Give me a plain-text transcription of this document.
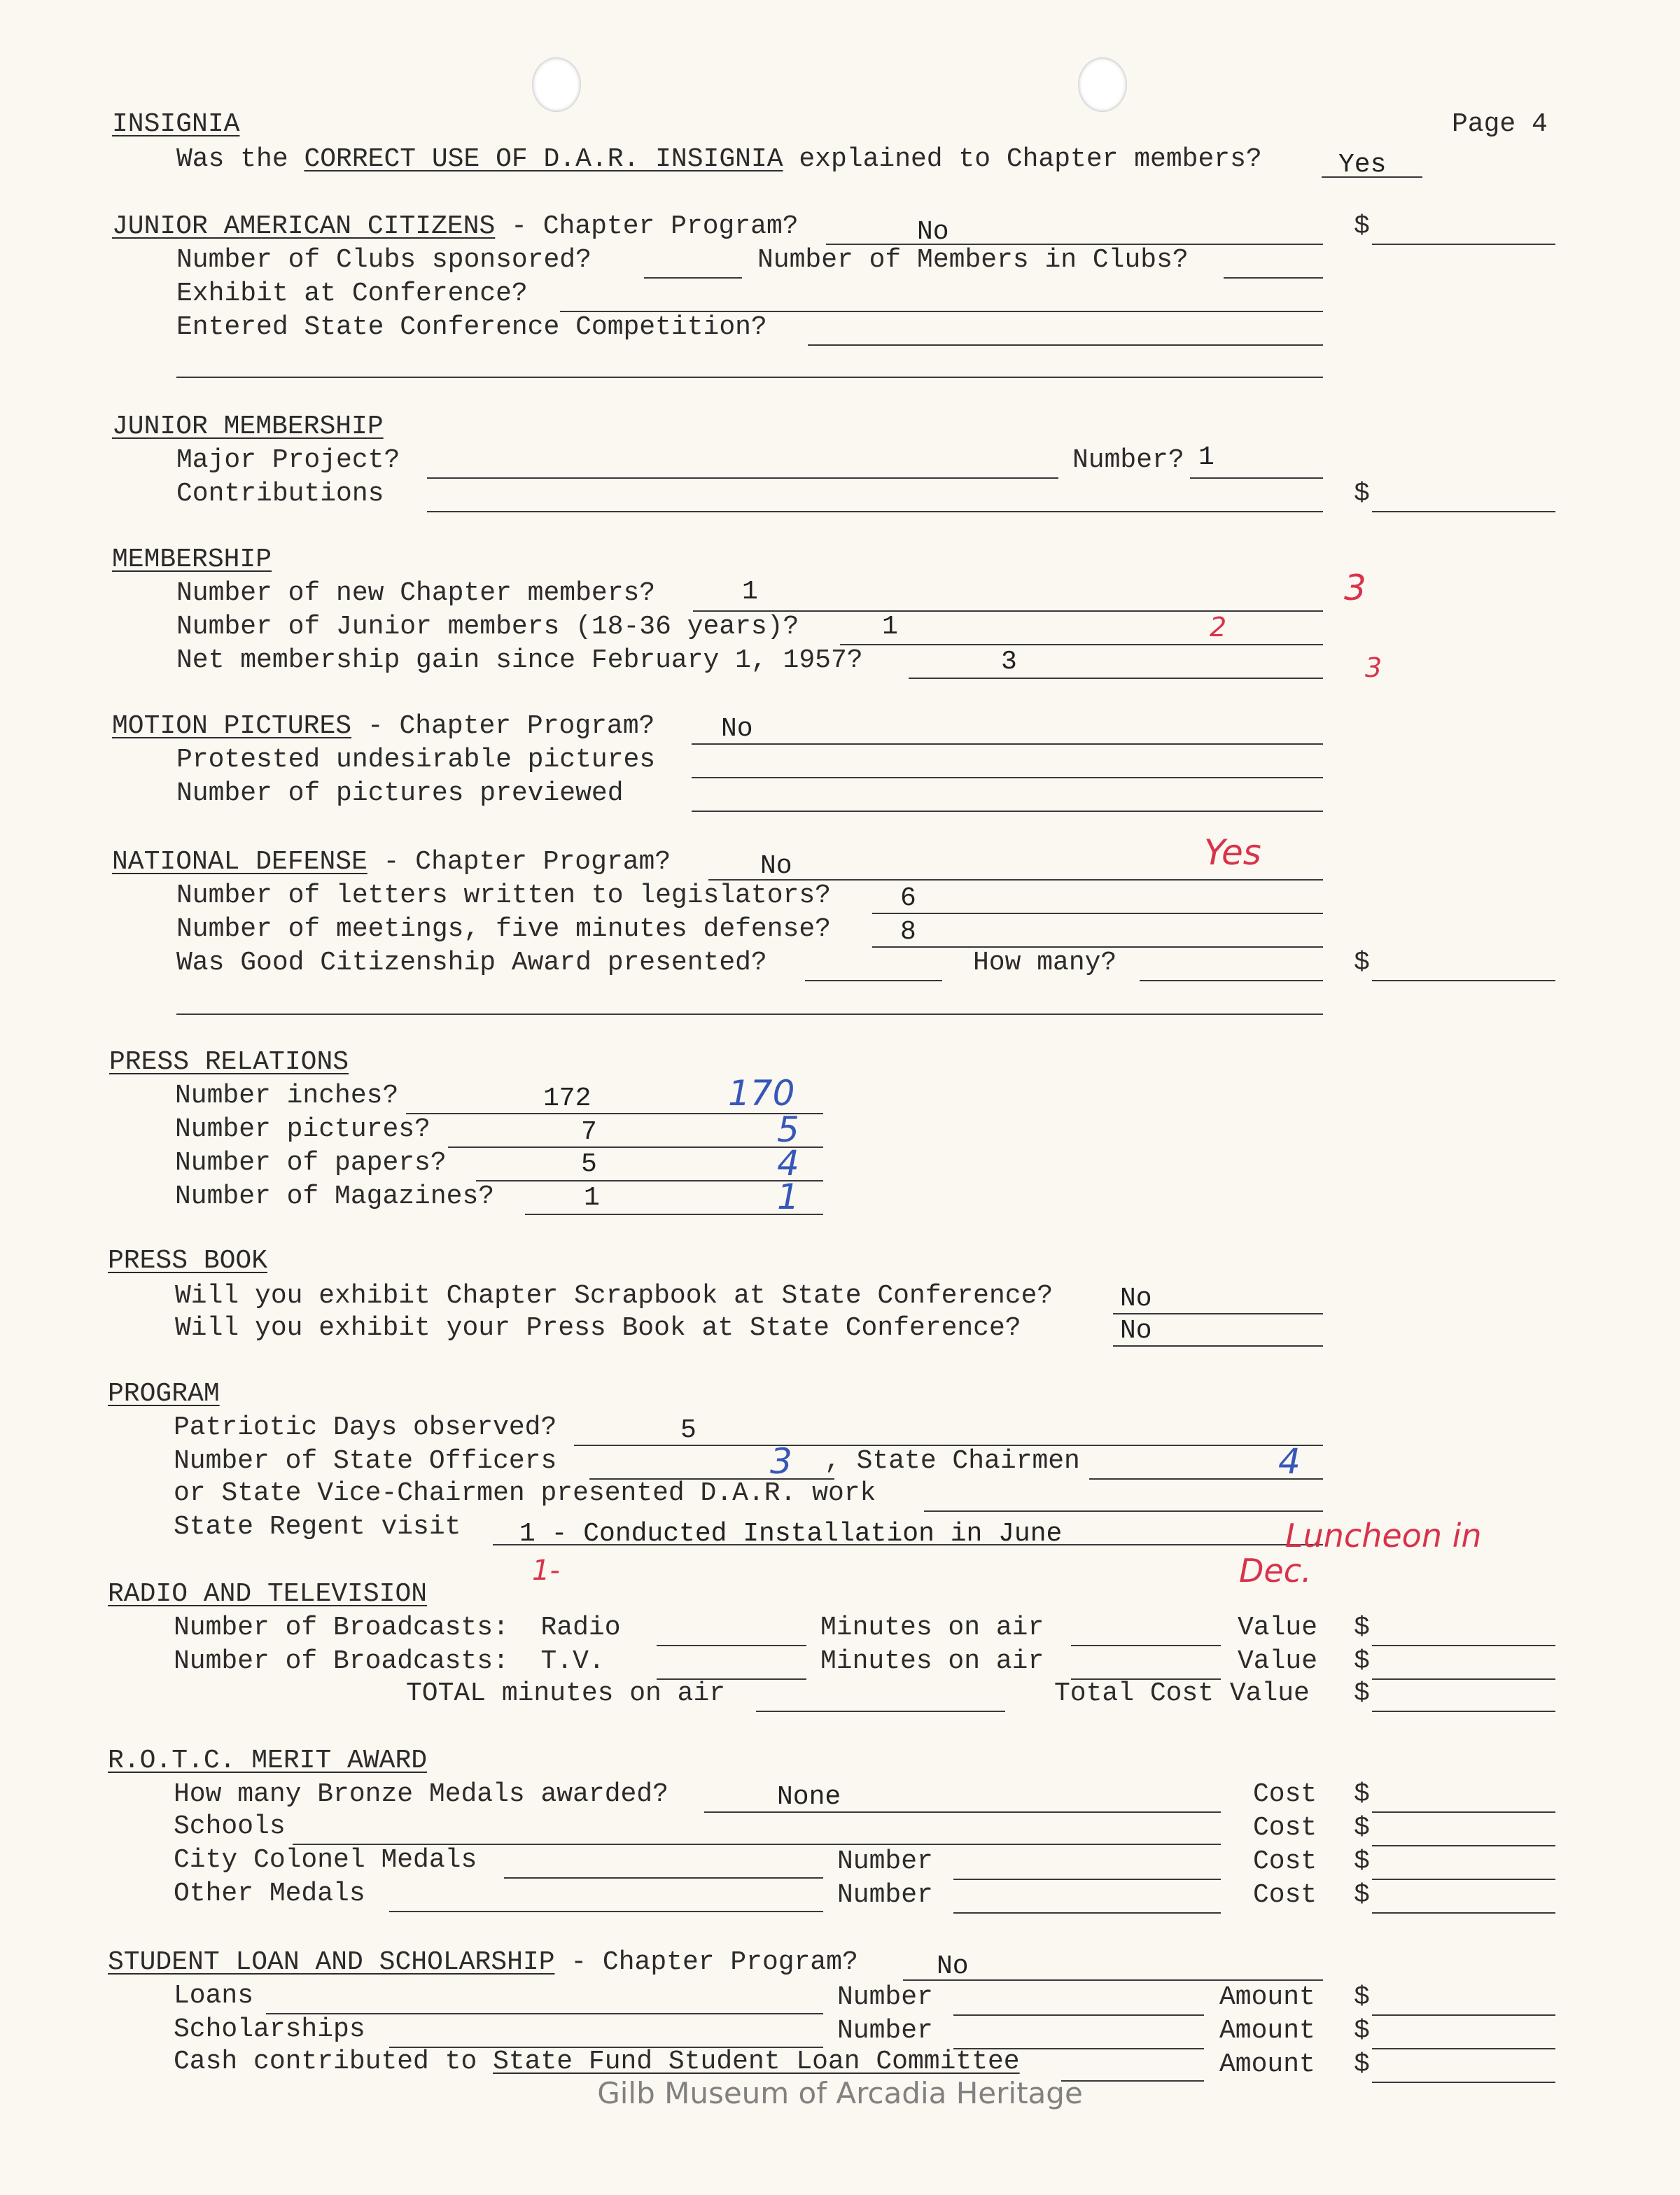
Page 4
INSIGNIA
Was the CORRECT USE OF D.A.R. INSIGNIA explained to Chapter members?	Yes
JUNIOR AMERICAN CITIZENS - Chapter Program?	No	$
Number of Clubs sponsored?	Number of Members in Clubs?
Exhibit at Conference?
Entered State Conference Competition?
JUNIOR MEMBERSHIP
Major Project?	Number? 1
Contributions	$
MEMBERSHIP
Number of new Chapter members?	1	3
Number of Junior members (18-36 years)?	1	2
Net membership gain since February 1, 1957?	3	3
MOTION PICTURES - Chapter Program? No
Protested undesirable pictures
Number of pictures previewed
NATIONAL DEFENSE - Chapter Program?	No	Yes
Number of letters written to legislators?	6
Number of meetings, five minutes defense?	8
Was Good Citizenship Award presented?	How many?	$
PRESS RELATIONS
Number inches?	172	170
Number pictures?	7	5
Number of papers?	5	4
Number of Magazines?	1	1
PRESS BOOK
Will you exhibit Chapter Scrapbook at State Conference?	No
Will you exhibit your Press Book at State Conference?	No
PROGRAM
Patriotic Days observed?	5
Number of State Officers	3 , State Chairmen	4
or State Vice-Chairmen presented D.A.R. work
State Regent visit 1 - Conducted Installation in June
1-
Luncheon in
Dec.
RADIO AND TELEVISION
Number of Broadcasts:  Radio	Minutes on air	Value $
Number of Broadcasts:  T.V.	Minutes on air	Value $
TOTAL minutes on air	Total Cost Value $
R.O.T.C. MERIT AWARD
How many Bronze Medals awarded?	None	Cost $
Schools	Cost $
City Colonel Medals	Number	Cost $
Other Medals	Number	Cost $
STUDENT LOAN AND SCHOLARSHIP - Chapter Program?	No
Loans	Number	Amount $
Scholarships	Number	Amount $
Cash contributed to State Fund Student Loan Committee	Amount $
Gilb Museum of Arcadia Heritage
